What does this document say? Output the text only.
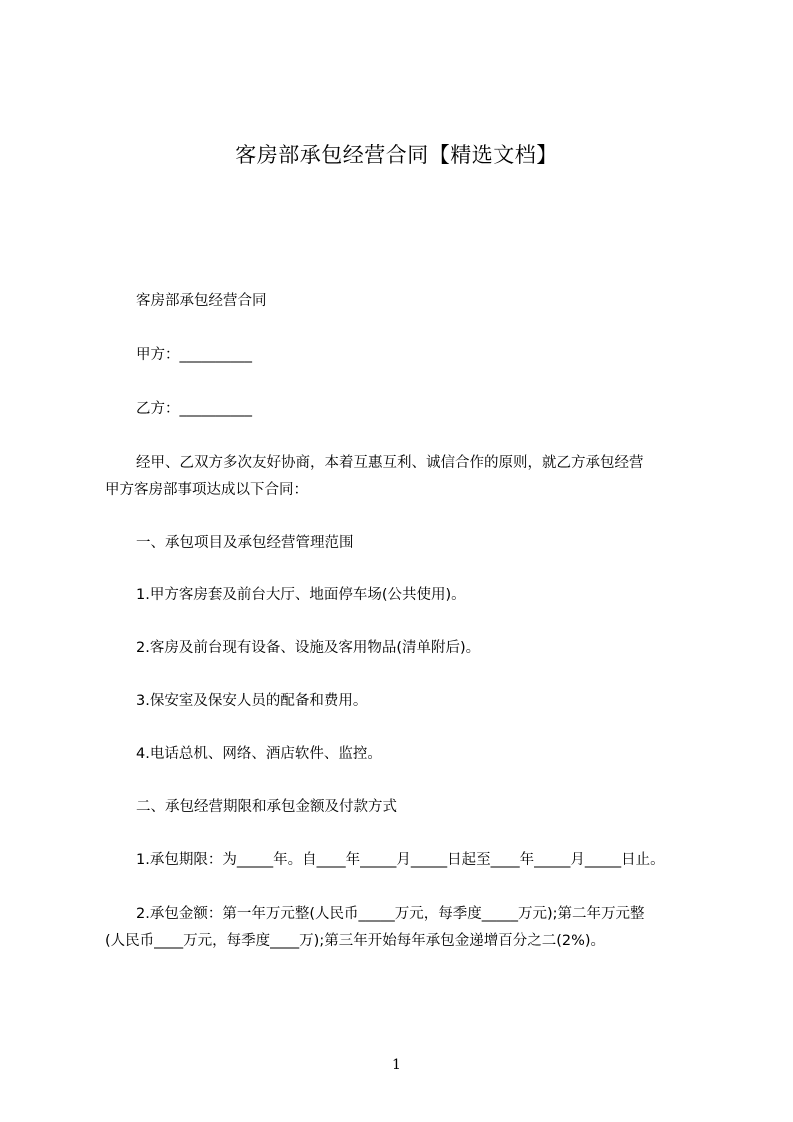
客房部承包经营合同【精选文档】
客房部承包经营合同
甲方：__________
乙方：__________
经甲、乙双方多次友好协商，本着互惠互利、诚信合作的原则，就乙方承包经营
甲方客房部事项达成以下合同：
一、承包项目及承包经营管理范围
1.甲方客房套及前台大厅、地面停车场(公共使用)。
2.客房及前台现有设备、设施及客用物品(清单附后)。
3.保安室及保安人员的配备和费用。
4.电话总机、网络、酒店软件、监控。
二、承包经营期限和承包金额及付款方式
1.承包期限：为_____年。自____年_____月_____日起至____年_____月_____日止。
2.承包金额：第一年万元整(人民币_____万元，每季度_____万元);第二年万元整
(人民币____万元，每季度____万);第三年开始每年承包金递增百分之二(2%)。
1
